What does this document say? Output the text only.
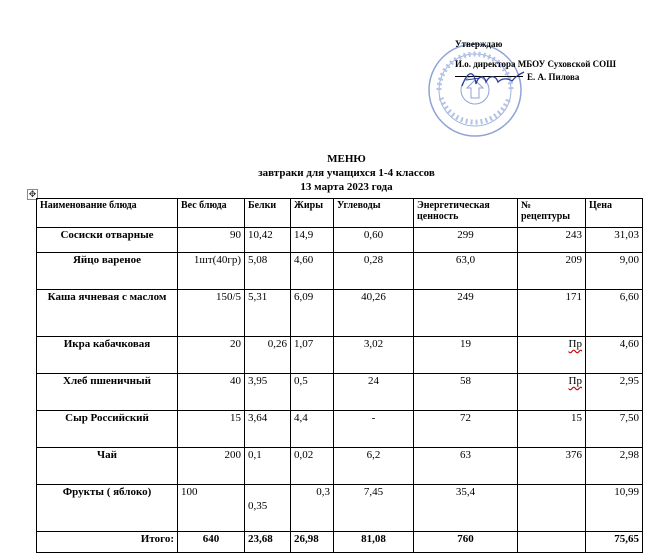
Утверждаю
И.о. директора МБОУ Суховской СОШ
Е. А. Пилова
МЕНЮ
завтраки для учащихся 1-4 классов
13 марта 2023 года
✥
Наименование блюда	Вес блюда	Белки	Жиры	Углеводы	Энергетическая ценность	№ рецептуры	Цена
Сосиски отварные	90	10,42	14,9	0,60	299	243	31,03
Яйцо вареное	1шт(40гр)	5,08	4,60	0,28	63,0	209	9,00
Каша ячневая с маслом	150/5	5,31	6,09	40,26	249	171	6,60
Икра кабачковая	20	0,26	1,07	3,02	19	Пр	4,60
Хлеб пшеничный	40	3,95	0,5	24	58	Пр	2,95
Сыр Российский	15	3,64	4,4	-	72	15	7,50
Чай	200	0,1	0,02	6,2	63	376	2,98
Фрукты ( яблоко)	100	0,35	0,3	7,45	35,4		10,99
Итого:	640	23,68	26,98	81,08	760		75,65
